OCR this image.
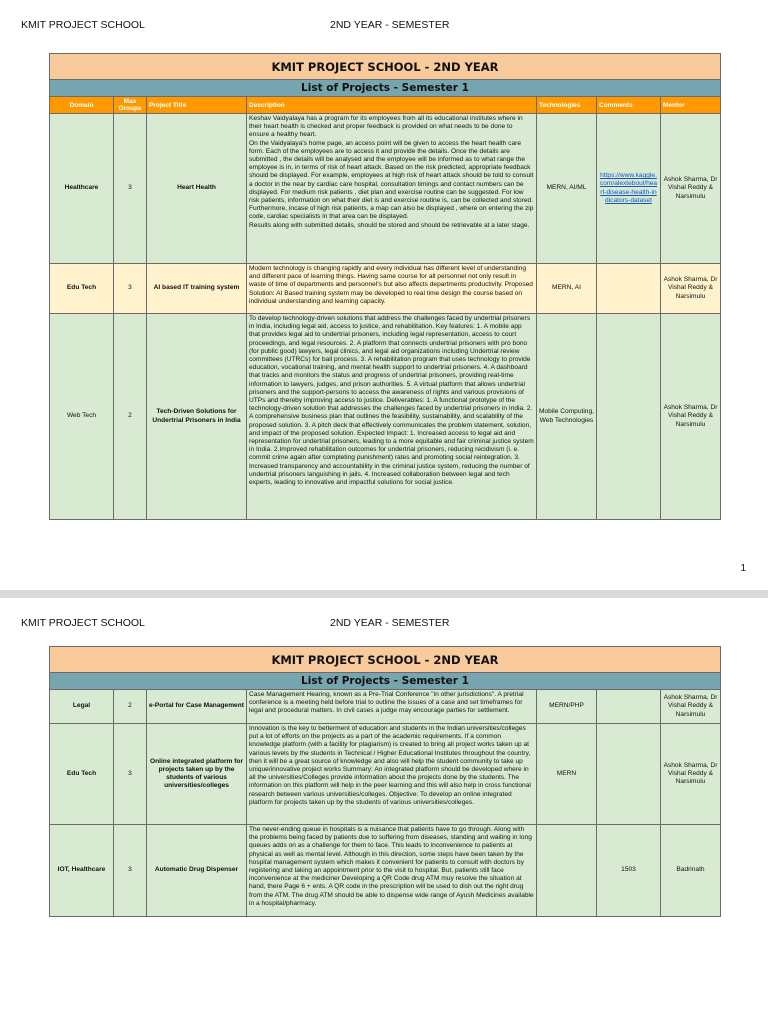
KMIT PROJECT SCHOOL	2ND YEAR - SEMESTER
KMIT PROJECT SCHOOL - 2ND YEAR						
List of Projects - Semester 1						
Domain	Max Groups	Project Title	Description	Technologies	Comments	Mentor
Healthcare	3	Heart Health	Keshav Vaidyalaya has a program for its employees from all its educational institutes where in their heart health is checked and proper feedback is provided on what needs to be done to ensure a healthy heart.
On the Vaidyalaya's home page, an access point will be given to access the heart health care form. Each of the employees are to access it and provide the details. Once the details are submitted , the details will be analysed and the employee will be informed as to what range the employee is in, in terms of risk of heart attack. Based on the risk predicted, appropriate feedback should be displayed. For example, employees at high risk of heart attack should be told to consult a doctor in the near by cardiac care hospital, consultation timings and contact numbers can be displayed. For medium risk patients , diet plan and exercise routine can be suggested. For low risk patients, information on what their diet is and exercise routine is, can be collected and stored. Furthermore, incase of high risk patients, a map can also be displayed , where on entering the zip code, cardiac specialists in that area can be displayed.
Results along with submitted details, should be stored and should be retrievable at a later stage.	MERN, AI/ML	https://www.kaggle.com/alexteboul/heart-disease-health-indicators-dataset	Ashok Sharma, Dr Vishal Reddy & Narsimulu
Edu Tech	3	AI based IT training system	Modern technology is changing rapidly and every individual has different level of understanding and different pace of learning things. Having same course for all personnel not only result in waste of time of departments and personnel's but also affects departments productivity. Proposed Solution: AI Based training system may be developed to real time design the course based on individual understanding and learning capacity.	MERN, AI		Ashok Sharma, Dr Vishal Reddy & Narsimulu
Web Tech	2	Tech-Driven Solutions for Undertrial Prisoners in India	To develop technology-driven solutions that address the challenges faced by undertrial prisoners in India, including legal aid, access to justice, and rehabilitation. Key features: 1. A mobile app that provides legal aid to undertrial prisoners, including legal representation, access to court proceedings, and legal resources. 2. A platform that connects undertrial prisoners with pro bono (for public good) lawyers, legal clinics, and legal aid organizations including Undertrial review committees (UTRCs) for bail process. 3. A rehabilitation program that uses technology to provide education, vocational training, and mental health support to undertrial prisoners. 4. A dashboard that tracks and monitors the status and progress of undertrial prisoners, providing real-time information to lawyers, judges, and prison authorities. 5. A virtual platform that allows undertrial prisoners and the support-persons to access the awareness of rights and various provisions of UTPs and thereby improving access to justice. Deliverables: 1. A functional prototype of the technology-driven solution that addresses the challenges faced by undertrial prisoners in India. 2. A comprehensive business plan that outlines the feasibility, sustainability, and scalability of the proposed solution. 3. A pitch deck that effectively communicates the problem statement, solution, and impact of the proposed solution. Expected Impact: 1. Increased access to legal aid and representation for undertrial prisoners, leading to a more equitable and fair criminal justice system in India. 2.Improved rehabilitation outcomes for undertrial prisoners, reducing recidivism (i. e. commit crime again after completing punishment) rates and promoting social reintegration. 3. Increased transparency and accountability in the criminal justice system, reducing the number of undertrial prisoners languishing in jails. 4. Increased collaboration between legal and tech experts, leading to innovative and impactful solutions for social justice.	Mobile Computing, Web Technologies		Ashok Sharma, Dr Vishal Reddy & Narsimulu
1
KMIT PROJECT SCHOOL	2ND YEAR - SEMESTER
KMIT PROJECT SCHOOL - 2ND YEAR						
List of Projects - Semester 1						
Legal	2	e-Portal for Case Management	Case Management Hearing, known as a Pre-Trial Conference "in other jurisdictions". A pretrial conference is a meeting held before trial to outline the issues of a case and set timeframes for legal and procedural matters. In civil cases a judge may encourage parties for settlement.	MERN/PHP		Ashok Sharma, Dr Vishal Reddy & Narsimulu
Edu Tech	3	Online integrated platform for projects taken up by the students of various universities/colleges	Innovation is the key to betterment of education and students in the Indian universities/colleges put a lot of efforts on the projects as a part of the academic requirements. If a common knowledge platform (with a facility for plagiarism) is created to bring all project works taken up at various levels by the students in Technical / Higher Educational Institutes throughout the country, then it will be a great source of knowledge and also will help the student community to take up unique/innovative project works Summary: An integrated platform should be developed where in all the universities/Colleges provide information about the projects done by the students. The information on this platform will help in the peer learning and this will also help in cross functional research between various universities/colleges. Objective: To develop an online integrated platform for projects taken up by the students of various universities/colleges.	MERN		Ashok Sharma, Dr Vishal Reddy & Narsimulu
IOT, Healthcare	3	Automatic Drug Dispenser	The never-ending queue in hospitals is a nuisance that patients have to go through. Along with the problems being faced by patients due to suffering from diseases, standing and waiting in long queues adds on as a challenge for them to face. This leads to inconvenience to patients at physical as well as mental level. Although in this direction, some steps have been taken by the hospital management system which makes it convenient for patients to consult with doctors by registering and taking an appointment prior to the visit to hospital. But, patients still face inconvenience at the mediciner Developing a QR Code drug ATM muy resolve the situation at hand, there Page 6 + ents. A QR code in the prescription will be used to dish out the right drug from the ATM. The drug ATM should be able to dispense wide range of Ayush Medicines available in a hospital/pharmacy.		1503	Badrinath
